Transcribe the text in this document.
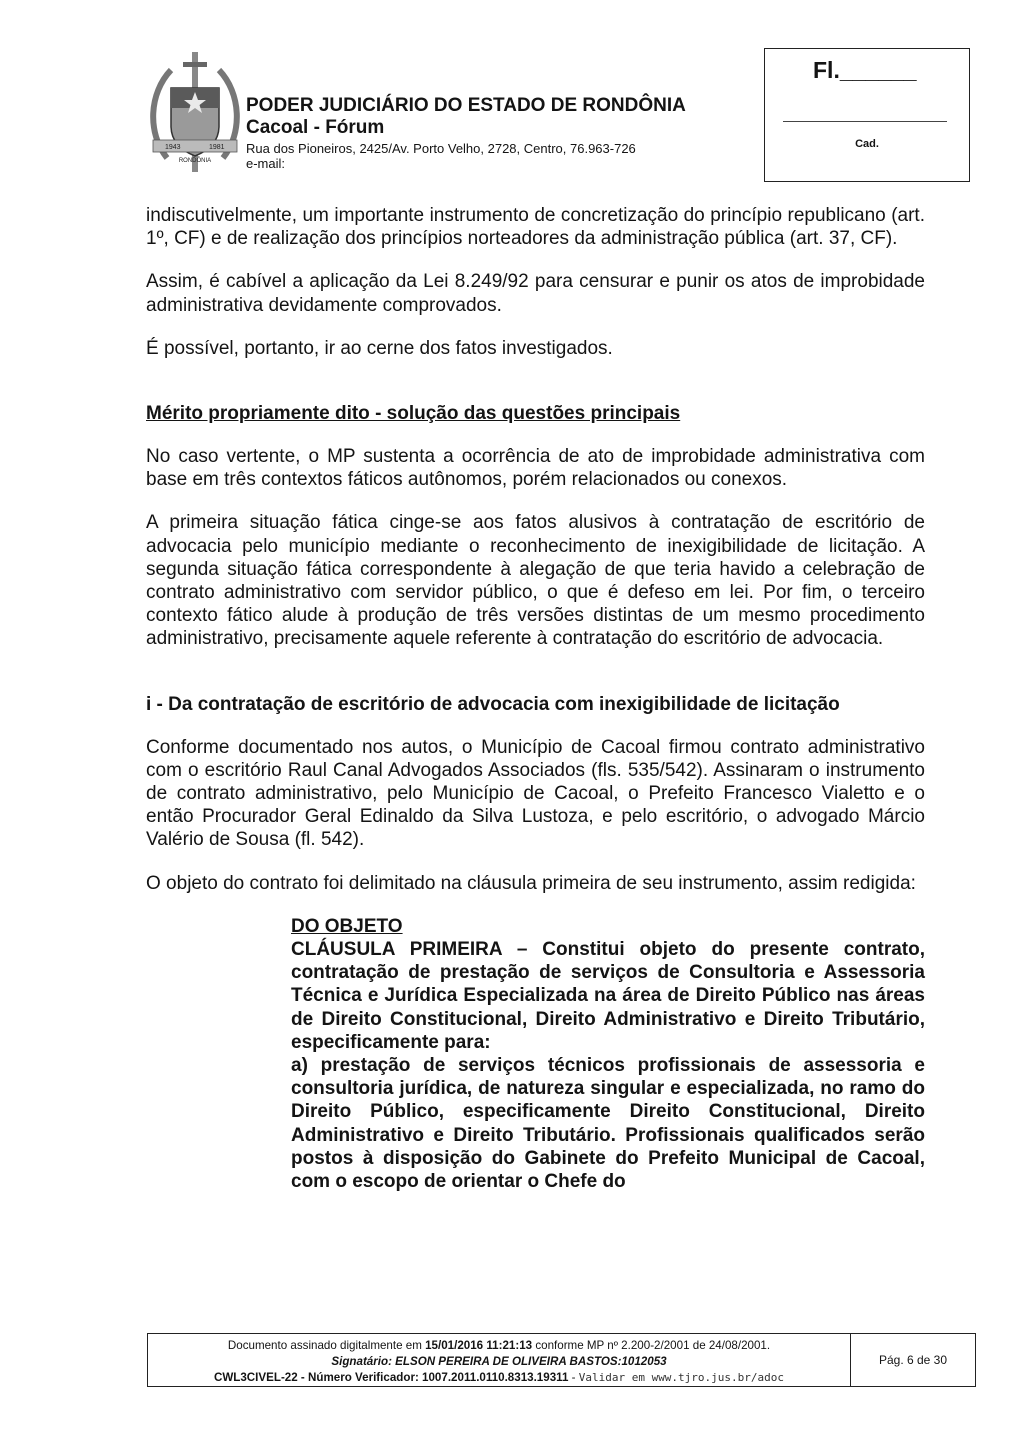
1943	1981
RONDÔNIA
PODER JUDICIÁRIO DO ESTADO DE RONDÔNIA
Cacoal - Fórum
Rua dos Pioneiros, 2425/Av. Porto Velho, 2728, Centro, 76.963-726
e-mail:
Fl.______
Cad.

indiscutivelmente, um importante instrumento de concretização do princípio republicano (art. 1º, CF) e de realização dos princípios norteadores da administração pública (art. 37, CF).

Assim, é cabível a aplicação da Lei 8.249/92 para censurar e punir os atos de improbidade administrativa devidamente comprovados.

É possível, portanto, ir ao cerne dos fatos investigados.

Mérito propriamente dito - solução das questões principais

No caso vertente, o MP sustenta a ocorrência de ato de improbidade administrativa com base em três contextos fáticos autônomos, porém relacionados ou conexos.

A primeira situação fática cinge-se aos fatos alusivos à contratação de escritório de advocacia pelo município mediante o reconhecimento de inexigibilidade de licitação. A segunda situação fática correspondente à alegação de que teria havido a celebração de contrato administrativo com servidor público, o que é defeso em lei. Por fim, o terceiro contexto fático alude à produção de três versões distintas de um mesmo procedimento administrativo, precisamente aquele referente à contratação do escritório de advocacia.

i - Da contratação de escritório de advocacia com inexigibilidade de licitação

Conforme documentado nos autos, o Município de Cacoal firmou contrato administrativo com o escritório Raul Canal Advogados Associados (fls. 535/542). Assinaram o instrumento de contrato administrativo, pelo Município de Cacoal, o Prefeito Francesco Vialetto e o então Procurador Geral Edinaldo da Silva Lustoza, e pelo escritório, o advogado Márcio Valério de Sousa (fl. 542).

O objeto do contrato foi delimitado na cláusula primeira de seu instrumento, assim redigida:

DO OBJETO
CLÁUSULA PRIMEIRA – Constitui objeto do presente contrato, contratação de prestação de serviços de Consultoria e Assessoria Técnica e Jurídica Especializada na área de Direito Público nas áreas de Direito Constitucional, Direito Administrativo e Direito Tributário, especificamente para:
a) prestação de serviços técnicos profissionais de assessoria e consultoria jurídica, de natureza singular e especializada, no ramo do Direito Público, especificamente Direito Constitucional, Direito Administrativo e Direito Tributário. Profissionais qualificados serão postos à disposição do Gabinete do Prefeito Municipal de Cacoal, com o escopo de orientar o Chefe do
Documento assinado digitalmente em 15/01/2016 11:21:13 conforme MP nº 2.200-2/2001 de 24/08/2001.
Signatário: ELSON PEREIRA DE OLIVEIRA BASTOS:1012053
CWL3CIVEL-22 - Número Verificador: 1007.2011.0110.8313.19311 - Validar em www.tjro.jus.br/adoc
Pág. 6 de 30
